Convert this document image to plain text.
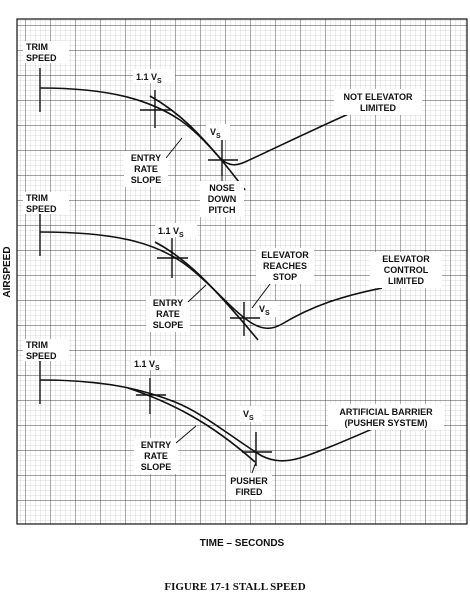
TRIM
SPEED
1.1 $V_S$
$V_S$
ENTRY
RATE
SLOPE
NOSE
DOWN
PITCH
NOT ELEVATOR
LIMITED
TRIM
SPEED
1.1 $V_S$
$V_S$
ENTRY
RATE
SLOPE
ELEVATOR
REACHES
STOP
ELEVATOR
CONTROL
LIMITED
TRIM
SPEED
1.1 $V_S$
$V_S$
ENTRY
RATE
SLOPE
PUSHER
FIRED
ARTIFICIAL BARRIER
(PUSHER SYSTEM)
AIRSPEED
TIME – SECONDS
FIGURE 17-1 STALL SPEED
